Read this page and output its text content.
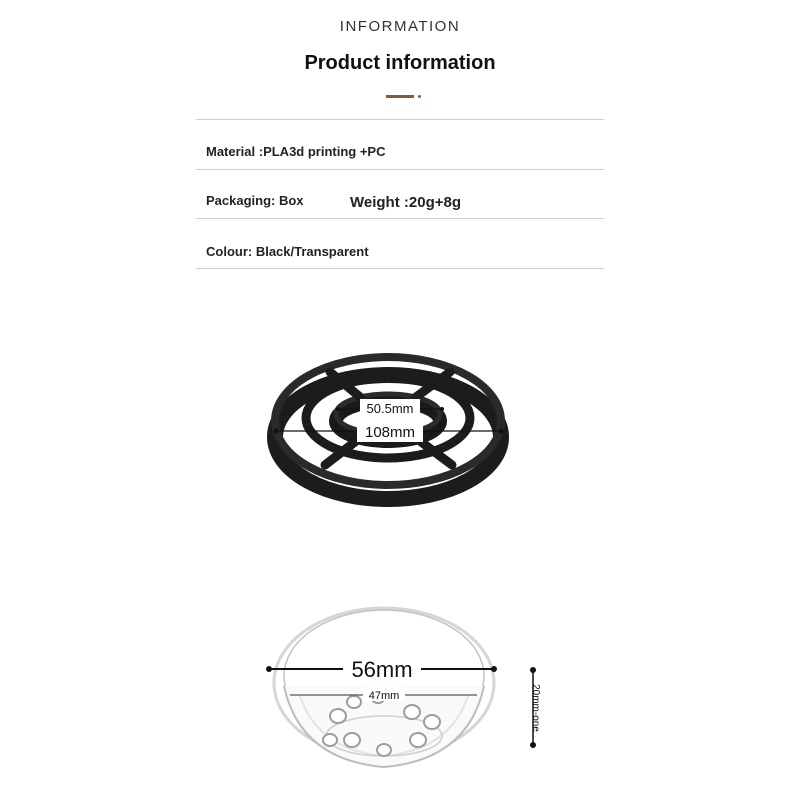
INFORMATION
Product information
Material :PLA3d printing +PC
Packaging: Box	Weight :20g+8g
Colour: Black/Transparent
50.5mm
108mm
56mm
47mm	20mm-one
